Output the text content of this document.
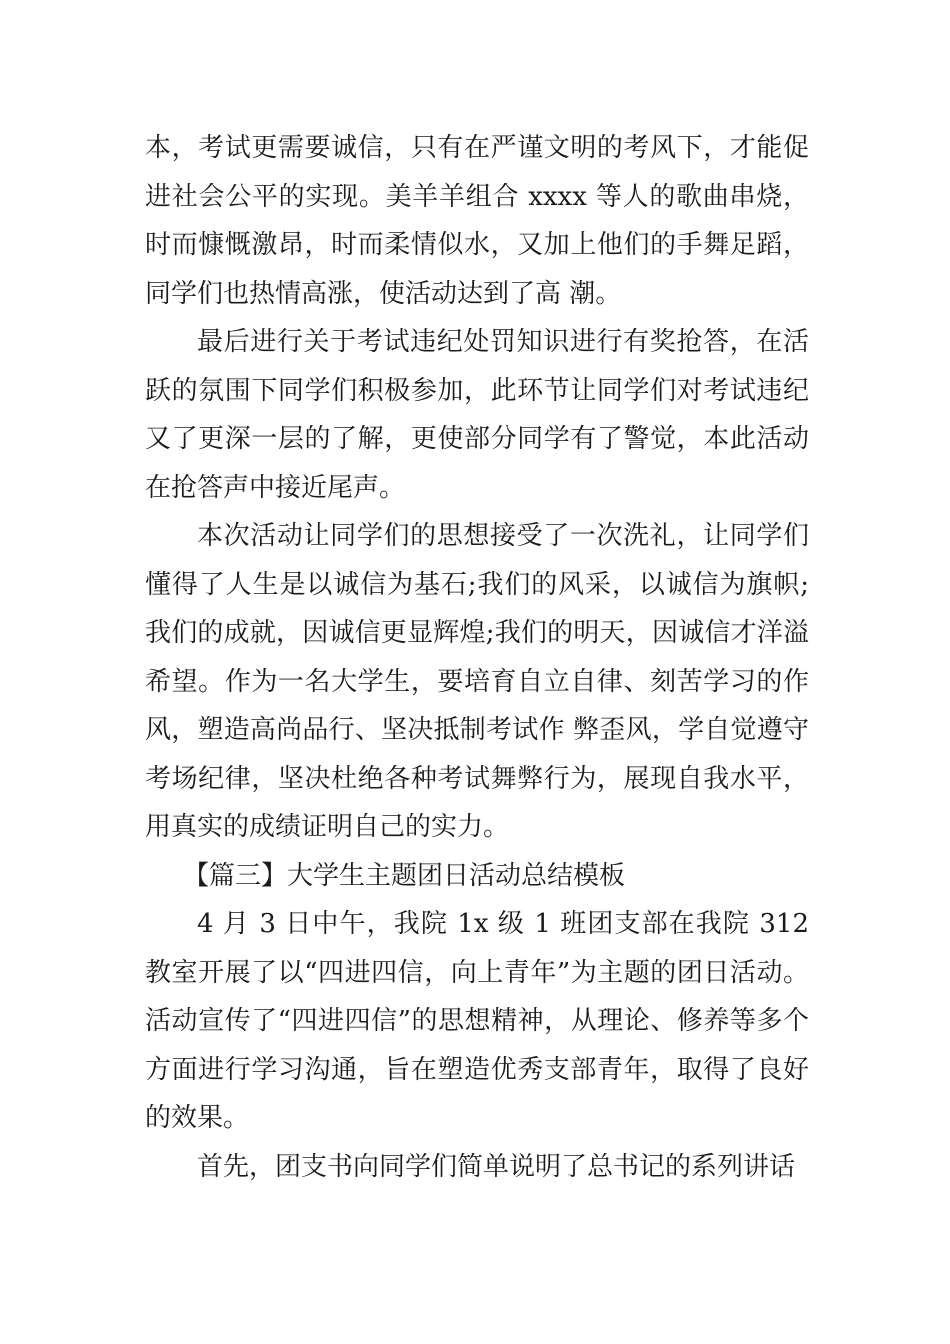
本，考试更需要诚信，只有在严谨文明的考风下，才能促进社会公平的实现。美羊羊组合 xxxx 等人的歌曲串烧，时而慷慨激昂，时而柔情似水，又加上他们的手舞足蹈，同学们也热情高涨，使活动达到了高 潮。

最后进行关于考试违纪处罚知识进行有奖抢答，在活跃的氛围下同学们积极参加，此环节让同学们对考试违纪又了更深一层的了解，更使部分同学有了警觉，本此活动在抢答声中接近尾声。

本次活动让同学们的思想接受了一次洗礼，让同学们懂得了人生是以诚信为基石;我们的风采，以诚信为旗帜;我们的成就，因诚信更显辉煌;我们的明天，因诚信才洋溢希望。作为一名大学生，要培育自立自律、刻苦学习的作风，塑造高尚品行、坚决抵制考试作 弊歪风，学自觉遵守考场纪律，坚决杜绝各种考试舞弊行为，展现自我水平，用真实的成绩证明自己的实力。

【篇三】大学生主题团日活动总结模板

4 月 3 日中午，我院 1x 级 1 班团支部在我院 312 教室开展了以“四进四信，向上青年”为主题的团日活动。活动宣传了“四进四信”的思想精神，从理论、修养等多个方面进行学习沟通，旨在塑造优秀支部青年，取得了良好的效果。

首先，团支书向同学们简单说明了总书记的系列讲话
